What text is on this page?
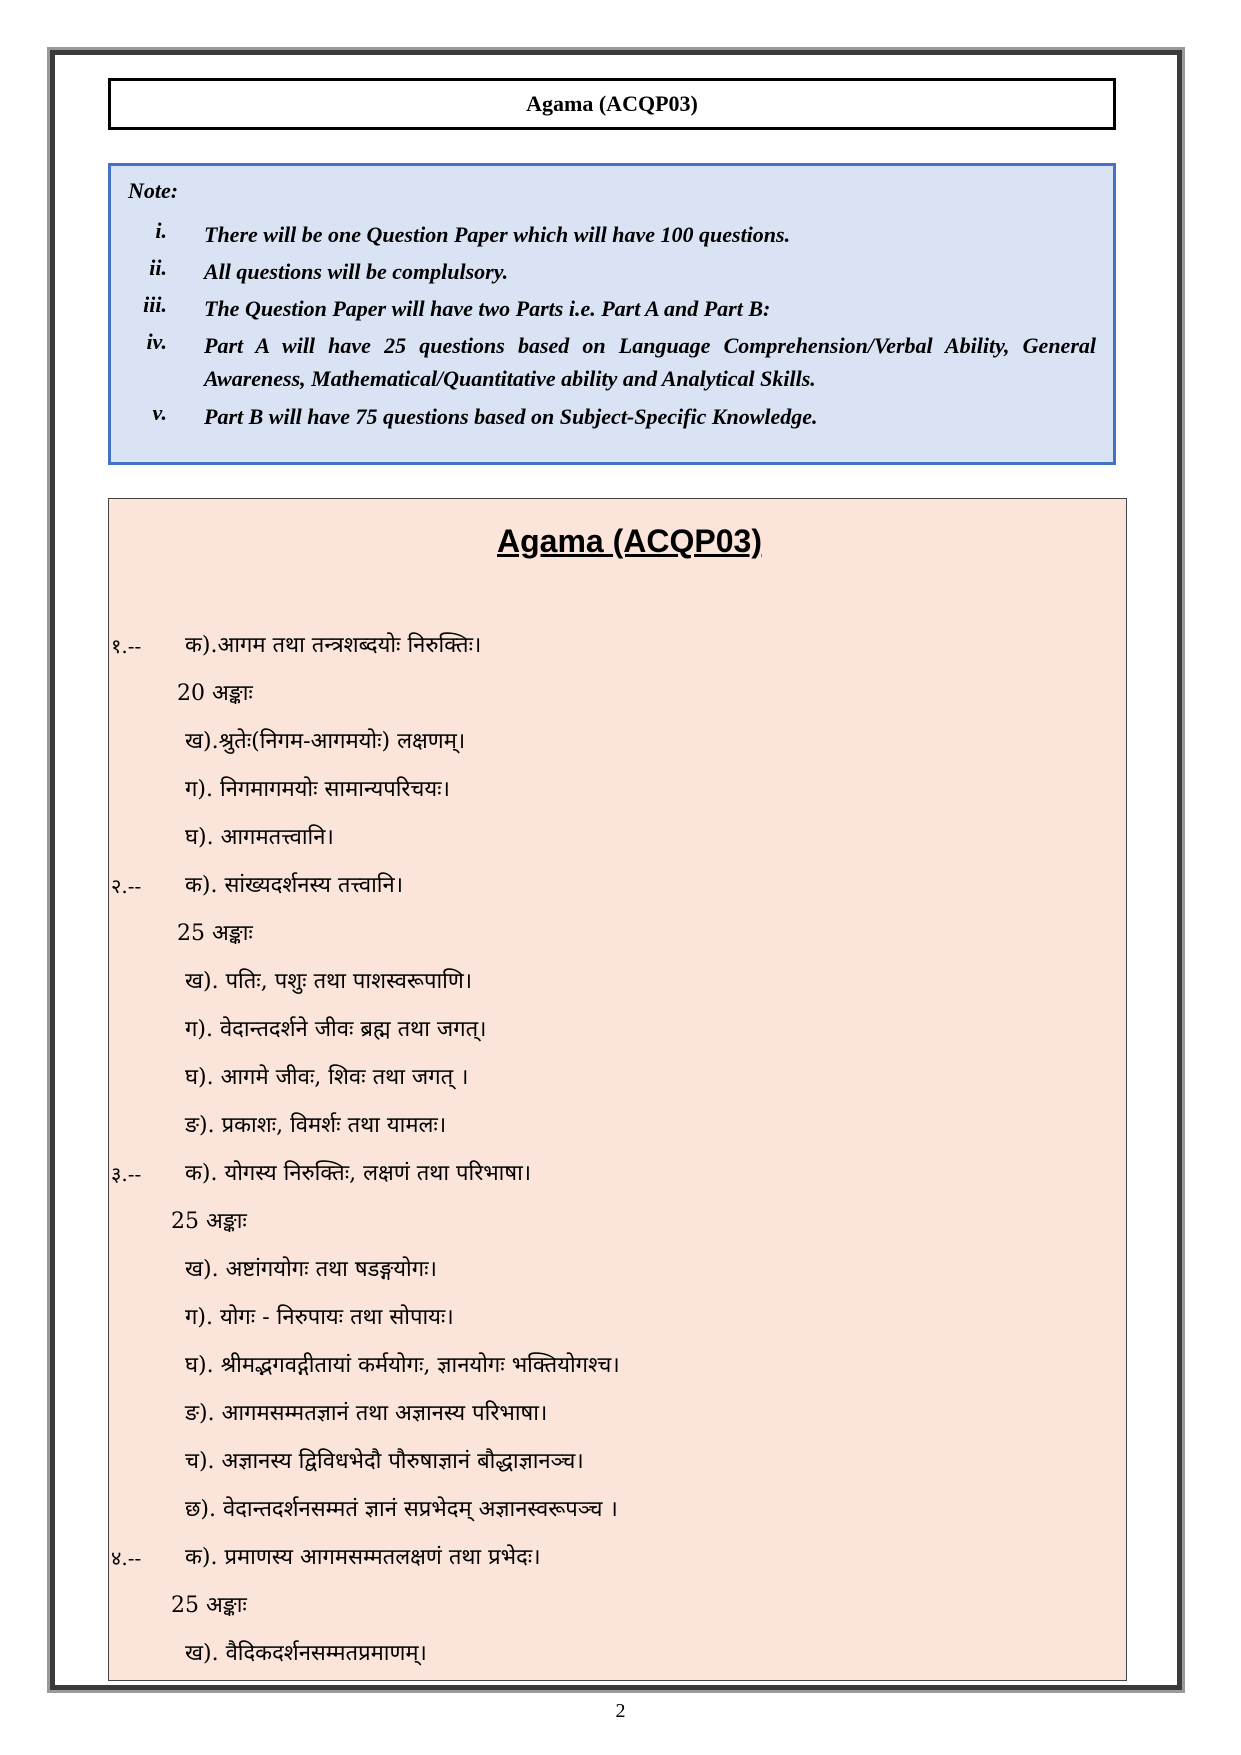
Agama (ACQP03)
Note:
i. There will be one Question Paper which will have 100 questions.
ii. All questions will be complulsory.
iii. The Question Paper will have two Parts i.e. Part A and Part B:
iv. Part A will have 25 questions based on Language Comprehension/Verbal Ability, General Awareness, Mathematical/Quantitative ability and Analytical Skills.
v. Part B will have 75 questions based on Subject-Specific Knowledge.
Agama (ACQP03)
१.-- क).आगम तथा तन्त्रशब्दयोः निरुक्तिः।
20 अङ्काः
ख).श्रुतेः(निगम-आगमयोः) लक्षणम्।
ग). निगमागमयोः सामान्यपरिचयः।
घ). आगमतत्त्वानि।
२.-- क). सांख्यदर्शनस्य तत्त्वानि।
25 अङ्काः
ख). पतिः, पशुः तथा पाशस्वरूपाणि।
ग). वेदान्तदर्शने जीवः ब्रह्म तथा जगत्।
घ). आगमे जीवः, शिवः तथा जगत् ।
ङ). प्रकाशः, विमर्शः तथा यामलः।
३.-- क). योगस्य निरुक्तिः, लक्षणं तथा परिभाषा।
25 अङ्काः
ख). अष्टांगयोगः तथा षडङ्गयोगः।
ग). योगः - निरुपायः तथा सोपायः।
घ). श्रीमद्भगवद्गीतायां कर्मयोगः, ज्ञानयोगः भक्तियोगश्च।
ङ). आगमसम्मतज्ञानं तथा अज्ञानस्य परिभाषा।
च). अज्ञानस्य द्विविधभेदौ पौरुषाज्ञानं बौद्धाज्ञानञ्च।
छ). वेदान्तदर्शनसम्मतं ज्ञानं सप्रभेदम् अज्ञानस्वरूपञ्च ।
४.-- क). प्रमाणस्य आगमसम्मतलक्षणं तथा प्रभेदः।
25 अङ्काः
ख). वैदिकदर्शनसम्मतप्रमाणम्।
2
